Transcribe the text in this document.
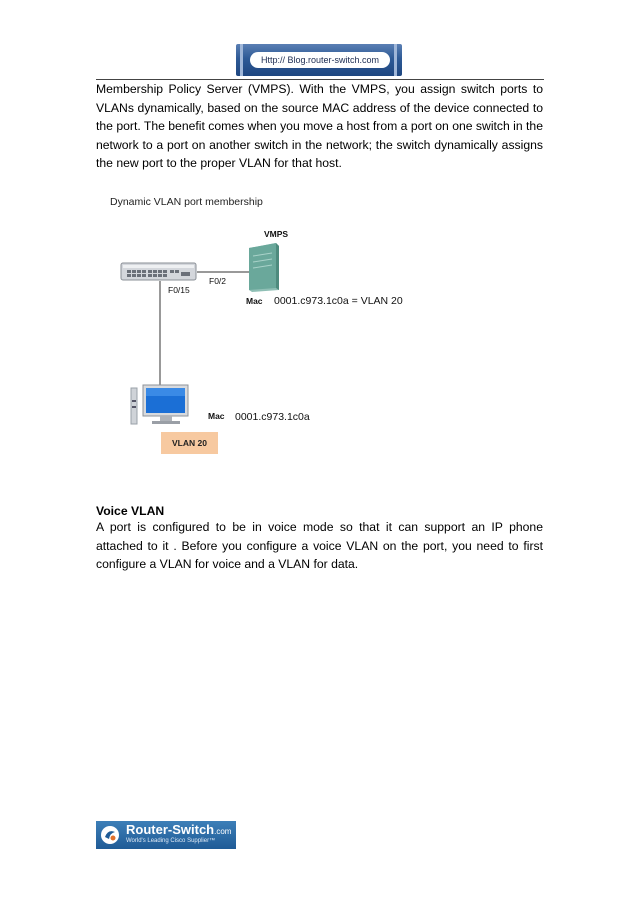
Http:// Blog.router-switch.com
Membership Policy Server (VMPS). With the VMPS, you assign switch ports to VLANs dynamically, based on the source MAC address of the device connected to the port. The benefit comes when you move a host from a port on one switch in the network to a port on another switch in the network; the switch dynamically assigns the new port to the proper VLAN for that host.
Dynamic VLAN port membership
VMPS
F0/2
F0/15
Mac 0001.c973.1c0a = VLAN 20
Mac 0001.c973.1c0a
VLAN 20
Voice VLAN
A port is configured to be in voice mode so that it can support an IP phone attached to it . Before you configure a voice VLAN on the port, you need to first configure a VLAN for voice and a VLAN for data.
Router-Switch.com
World's Leading Cisco Supplier™
